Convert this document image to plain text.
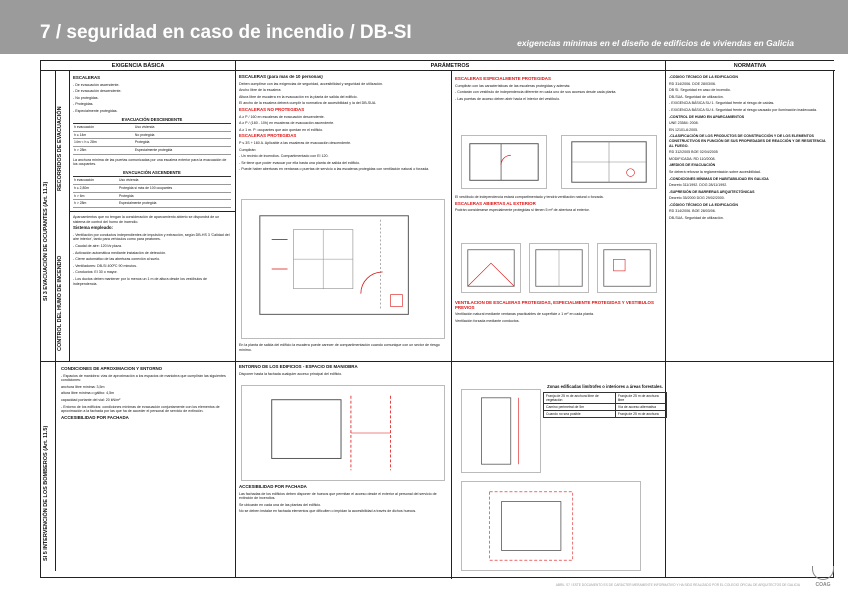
7 / seguridad en caso de incendio / DB-SI	exigencias mínimas en el diseño de edificios de viviendas en Galicia
EXIGENCIA BÁSICA	PARÁMETROS	NORMATIVA
SI 3 EVACUACIÓN DE OCUPANTES (Art. 11.3)
RECORRIDOS DE EVACUACIÓN
CONTROL DEL HUMO DE INCENDIO
SI 5 INTERVENCIÓN DE LOS BOMBEROS (Art. 11.5)
ESCALERAS

- De evacuación ascendente.

- De evacuación descendente.

- No protegidas.

- Protegidas.

- Especialmente protegidas.

EVACUACIÓN DESCENDENTE	
h evacuación	Uso vivienda
h ≤ 14m	No protegida
14m < h ≤ 28m	Protegida
h > 28m	Especialmente protegida

La anchura mínima de las puertas comunicadas por una escalera exterior para la evacuación de los ocupantes.

EVACUACIÓN ASCENDENTE	
h evacuación	Uso vivienda
h ≤ 2,80m	Protegida si más de 100 ocupantes
h > 6m	Protegida
h > 28m	Especialmente protegida

Aparcamientos que no tengan la consideración de aparcamiento abierto se dispondrá de un sistema de control del humo de incendio.

Sistema empleado:

- Ventilación por conductos independientes de impulsión y extracción, según DB-HS 3 'Calidad del aire interior', tanto para vehículos como para peatones.

- Caudal de aire: 120 l/s·plaza.

- Activación automática mediante instalación de detección.

- Cierre automático de las aberturas conexión al suelo.

- Ventiladores: DB-SI 400ºC 90 minutos.

- Conductos: EI 30 o mayor.

- Los ductos deben mantener por lo menos un 1 m de altura desde los vestíbulos de independencia.

CONDICIONES DE APROXIMACIÓN Y ENTORNO

- Espacios de maniobra: vías de aproximación a los espacios de maniobra que cumplirán las siguientes condiciones:

anchura libre mínima: 3,5m

altura libre mínima o gálibo: 4,5m

capacidad portante del vial: 20 kN/m²

- Entorno de los edificios: condiciones mínimas de evacuación conjuntamente con los elementos de aproximación a la fachada por las que ha de acceder el personal de servicio de extinción.

ACCESIBILIDAD POR FACHADA
ESCALERAS (para más de 10 personas)

Deben cumplirse con las exigencias de seguridad, accesibilidad y seguridad de utilización.

Ancho libre de la escalera:

Altura libre de escalera en la evacuación en la planta de salida del edificio.

El ancho de la escalera deberá cumplir la normativa de accesibilidad y la del DB-SUA.

ESCALERAS NO PROTEGIDAS

A ≥ P / 160 en escaleras de evacuación descendente.

A ≥ P / (160 - 10h) en escaleras de evacuación ascendente.

A ≥ 1 m. P: ocupantes que aún quedan en el edificio.

ESCALERAS PROTEGIDAS

P ≤ 3S + 160 A. Aplicable a las escaleras de evacuación descendente.

Cumplirán:

- Un recinto de incendios. Compartimentado con EI 120.

- Se tiene que poder evacuar por ella hasta una planta de salida del edificio.

- Puede haber aberturas en ventanas o puertas de servicio a las escaleras protegidas con ventilación natural o forzada.

En la planta de salida del edificio la escalera puede carecer de compartimentación cuando comunique con un sector de riesgo mínimo.

ESCALERAS ESPECIALMENTE PROTEGIDAS

Cumplirán con las características de las escaleras protegidas y además:

- Contarán con vestíbulo de independencia diferente en cada uno de sus accesos desde cada planta.

- Las puertas de acceso deben abrir hacia el interior del vestíbulo.

El vestíbulo de independencia estará compartimentado y tendrá ventilación natural o forzada.

ESCALERAS ABIERTAS AL EXTERIOR

Podrán considerarse especialmente protegidas si tienen 5 m² de abertura al exterior.

VENTILACIÓN DE ESCALERAS PROTEGIDAS, ESPECIALMENTE PROTEGIDAS Y VESTÍBULOS PREVIOS

Ventilación natural mediante ventanas practicables de superficie ≥ 1 m² en cada planta.

Ventilación forzada mediante conductos.

ENTORNO DE LOS EDIFICIOS - ESPACIO DE MANIOBRA

Disponer hasta la fachada cualquier acceso principal del edificio.

ACCESIBILIDAD POR FACHADA

Las fachadas de los edificios deben disponer de huecos que permitan el acceso desde el exterior al personal del servicio de extinción de incendios.

Se ubicarán en cada una de las plantas del edificio.

No se deben instalar en fachada elementos que dificulten o impidan la accesibilidad a través de dichos huecos.

Zonas edificadas limítrofes o interiores a áreas forestales.
Franja de 25 m de anchura libre de vegetación	Franja de 25 m de anchura libre
Camino perimetral de 5m	Vía de acceso alternativa
Cuando no sea posible	Franja de 25 m de anchura

-CÓDIGO TÉCNICO DE LA EDIFICACIÓN

RD 314/2006. DOE 28/03/06.

DB SI. Seguridad en caso de incendio.

DB-SUA. Seguridad de utilización.

- EXIGENCIA BÁSICA SU 1. Seguridad frente al riesgo de caídas.

- EXIGENCIA BÁSICA SU 4. Seguridad frente al riesgo causado por iluminación inadecuada.

-CONTROL DE HUMO EN APARCAMIENTOS

UNE 23584: 2008.

EN 12101-6:2005.

-CLASIFICACIÓN DE LOS PRODUCTOS DE CONSTRUCCIÓN Y DE LOS ELEMENTOS CONSTRUCTIVOS EN FUNCIÓN DE SUS PROPIEDADES DE REACCIÓN Y DE RESISTENCIA AL FUEGO.

RD 312/2005 BOE 02/04/2005

MODIFICADA: RD 110/2008.

-MEDIOS DE EVACUACIÓN

Se deberá reforzar la reglamentación sobre accesibilidad.

-CONDICIONES MÍNIMAS DE HABITABILIDAD EN GALICIA

Decreto 311/1992. DOG 28/11/1992.

-SUPRESIÓN DE BARRERAS ARQUITECTÓNICAS

Decreto 35/2000 DOG 29/02/2000.

-CÓDIGO TÉCNICO DE LA EDIFICACIÓN

RD 314/2006. BOE 28/03/06.

DB-SUA. Seguridad de utilización.

ABRIL '07 / ESTE DOCUMENTO ES DE CARÁCTER MERAMENTE INFORMATIVO Y HA SIDO REALIZADO POR EL COLEGIO OFICIAL DE ARQUITECTOS DE GALICIA	COAG
